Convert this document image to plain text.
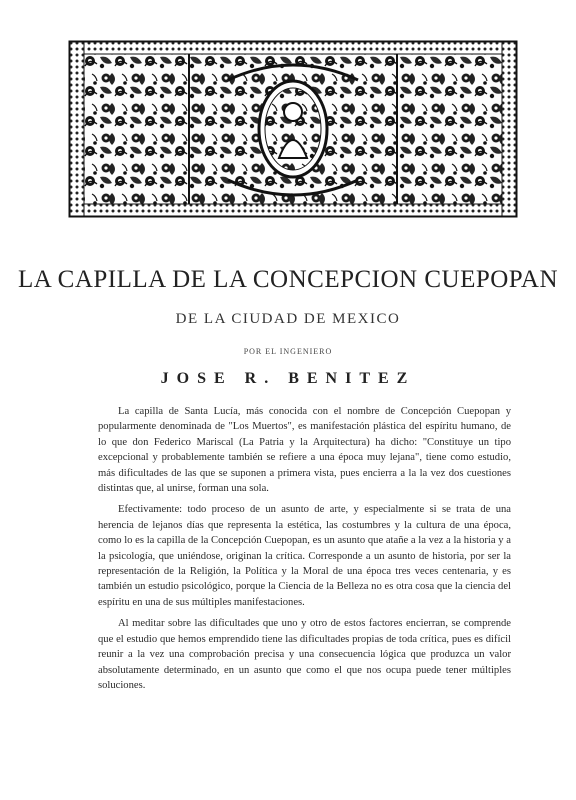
LA CAPILLA DE LA CONCEPCION CUEPOPAN
DE LA CIUDAD DE MEXICO
POR EL INGENIERO
JOSE R. BENITEZ

La capilla de Santa Lucía, más conocida con el nombre de Concepción Cuepopan y popularmente denominada de "Los Muertos", es manifestación plástica del espíritu humano, de lo que don Federico Mariscal (La Patria y la Arquitectura) ha dicho: "Constituye un tipo excepcional y probablemente también se refiere a una época muy lejana", tiene como estudio, más dificultades de las que se suponen a primera vista, pues encierra a la la vez dos cuestiones distintas que, al unirse, forman una sola.

Efectivamente: todo proceso de un asunto de arte, y especialmente si se trata de una herencia de lejanos días que representa la estética, las costumbres y la cultura de una época, como lo es la capilla de la Concepción Cuepopan, es un asunto que atañe a la vez a la historia y a la psicología, que uniéndose, originan la crítica. Corresponde a un asunto de historia, por ser la representación de la Religión, la Política y la Moral de una época tres veces centenaria, y es también un estudio psicológico, porque la Ciencia de la Belleza no es otra cosa que la ciencia del espíritu en una de sus múltiples manifestaciones.

Al meditar sobre las dificultades que uno y otro de estos factores encierran, se comprende que el estudio que hemos emprendido tiene las dificultades propias de toda crítica, pues es difícil reunir a la vez una comprobación precisa y una consecuencia lógica que produzca un valor absolutamente determinado, en un asunto que como el que nos ocupa puede tener múltiples soluciones.
